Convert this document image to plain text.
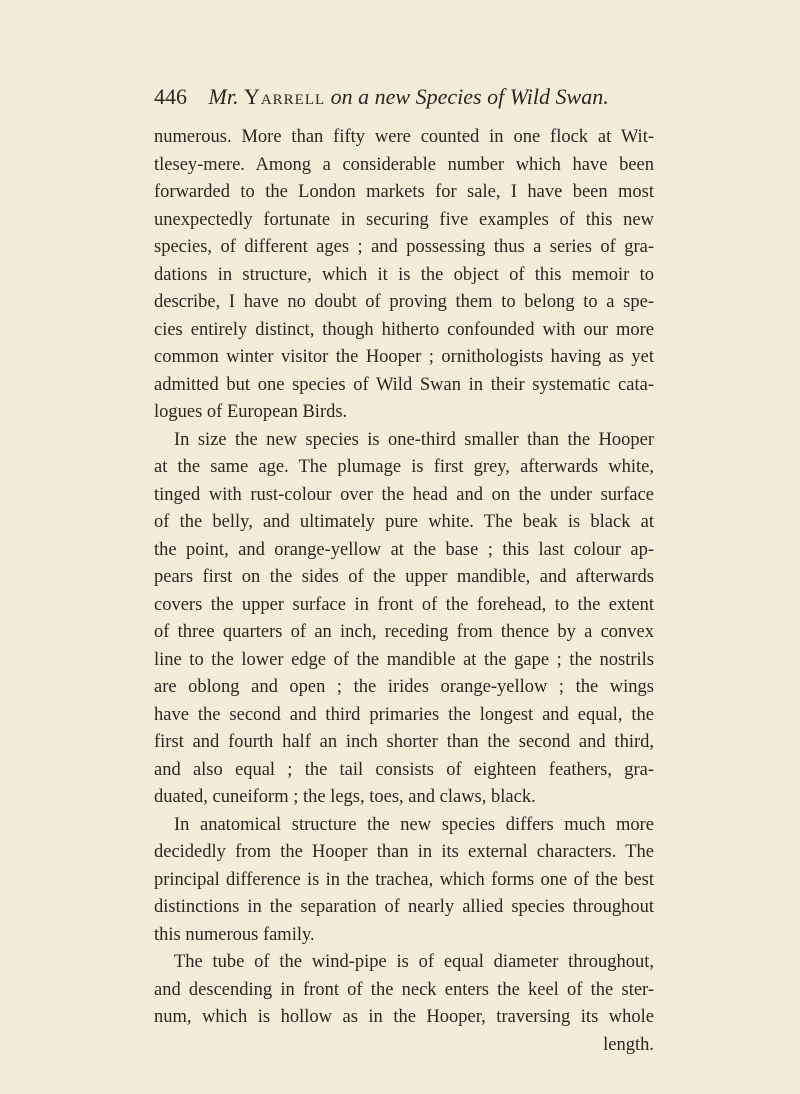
446 Mr. Yarrell on a new Species of Wild Swan.
numerous. More than fifty were counted in one flock at Wit-
tlesey-mere. Among a considerable number which have been
forwarded to the London markets for sale, I have been most
unexpectedly fortunate in securing five examples of this new
species, of different ages ; and possessing thus a series of gra-
dations in structure, which it is the object of this memoir to
describe, I have no doubt of proving them to belong to a spe-
cies entirely distinct, though hitherto confounded with our more
common winter visitor the Hooper ; ornithologists having as yet
admitted but one species of Wild Swan in their systematic cata-
logues of European Birds.
In size the new species is one-third smaller than the Hooper
at the same age. The plumage is first grey, afterwards white,
tinged with rust-colour over the head and on the under surface
of the belly, and ultimately pure white. The beak is black at
the point, and orange-yellow at the base ; this last colour ap-
pears first on the sides of the upper mandible, and afterwards
covers the upper surface in front of the forehead, to the extent
of three quarters of an inch, receding from thence by a convex
line to the lower edge of the mandible at the gape ; the nostrils
are oblong and open ; the irides orange-yellow ; the wings
have the second and third primaries the longest and equal, the
first and fourth half an inch shorter than the second and third,
and also equal ; the tail consists of eighteen feathers, gra-
duated, cuneiform ; the legs, toes, and claws, black.
In anatomical structure the new species differs much more
decidedly from the Hooper than in its external characters. The
principal difference is in the trachea, which forms one of the best
distinctions in the separation of nearly allied species throughout
this numerous family.
The tube of the wind-pipe is of equal diameter throughout,
and descending in front of the neck enters the keel of the ster-
num, which is hollow as in the Hooper, traversing its whole
length.
